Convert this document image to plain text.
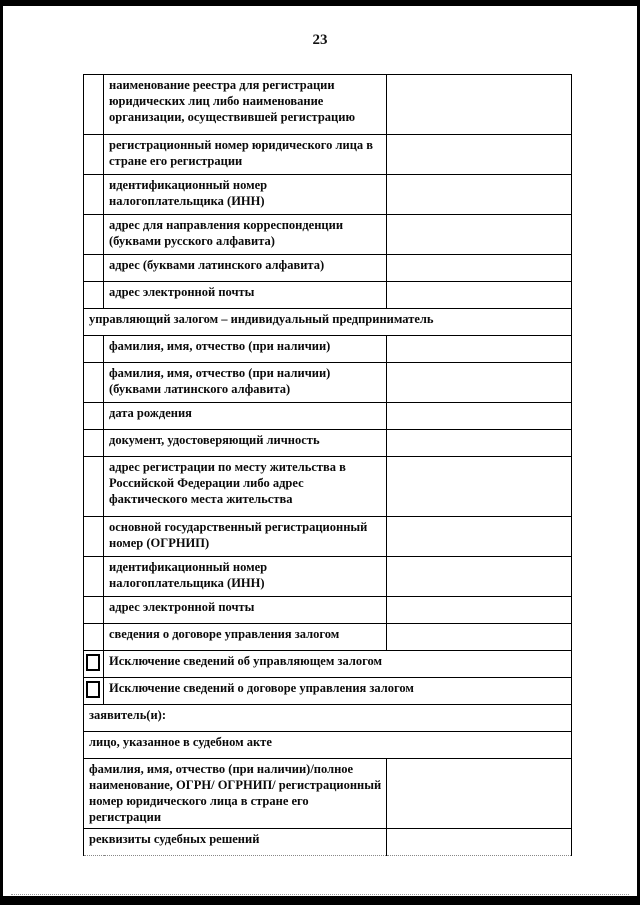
23
	наименование реестра для регистрации юридических лиц либо наименование организации, осуществившей регистрацию	
	регистрационный номер юридического лица в стране его регистрации	
	идентификационный номер налогоплательщика (ИНН)	
	адрес для направления корреспонденции (буквами русского алфавита)	
	адрес (буквами латинского алфавита)	
	адрес электронной почты	
управляющий залогом – индивидуальный предприниматель		
	фамилия, имя, отчество (при наличии)	
	фамилия, имя, отчество (при наличии) (буквами латинского алфавита)	
	дата рождения	
	документ, удостоверяющий личность	
	адрес регистрации по месту жительства в Российской Федерации либо адрес фактического места жительства	
	основной государственный регистрационный номер (ОГРНИП)	
	идентификационный номер налогоплательщика (ИНН)	
	адрес электронной почты	
	сведения о договоре управления залогом	
	Исключение сведений об управляющем залогом	
	Исключение сведений о договоре управления залогом	
заявитель(и):		
лицо, указанное в судебном акте		
фамилия, имя, отчество (при наличии)/полное наименование, ОГРН/ ОГРНИП/ регистрационный номер юридического лица в стране его регистрации		
реквизиты судебных решений		
